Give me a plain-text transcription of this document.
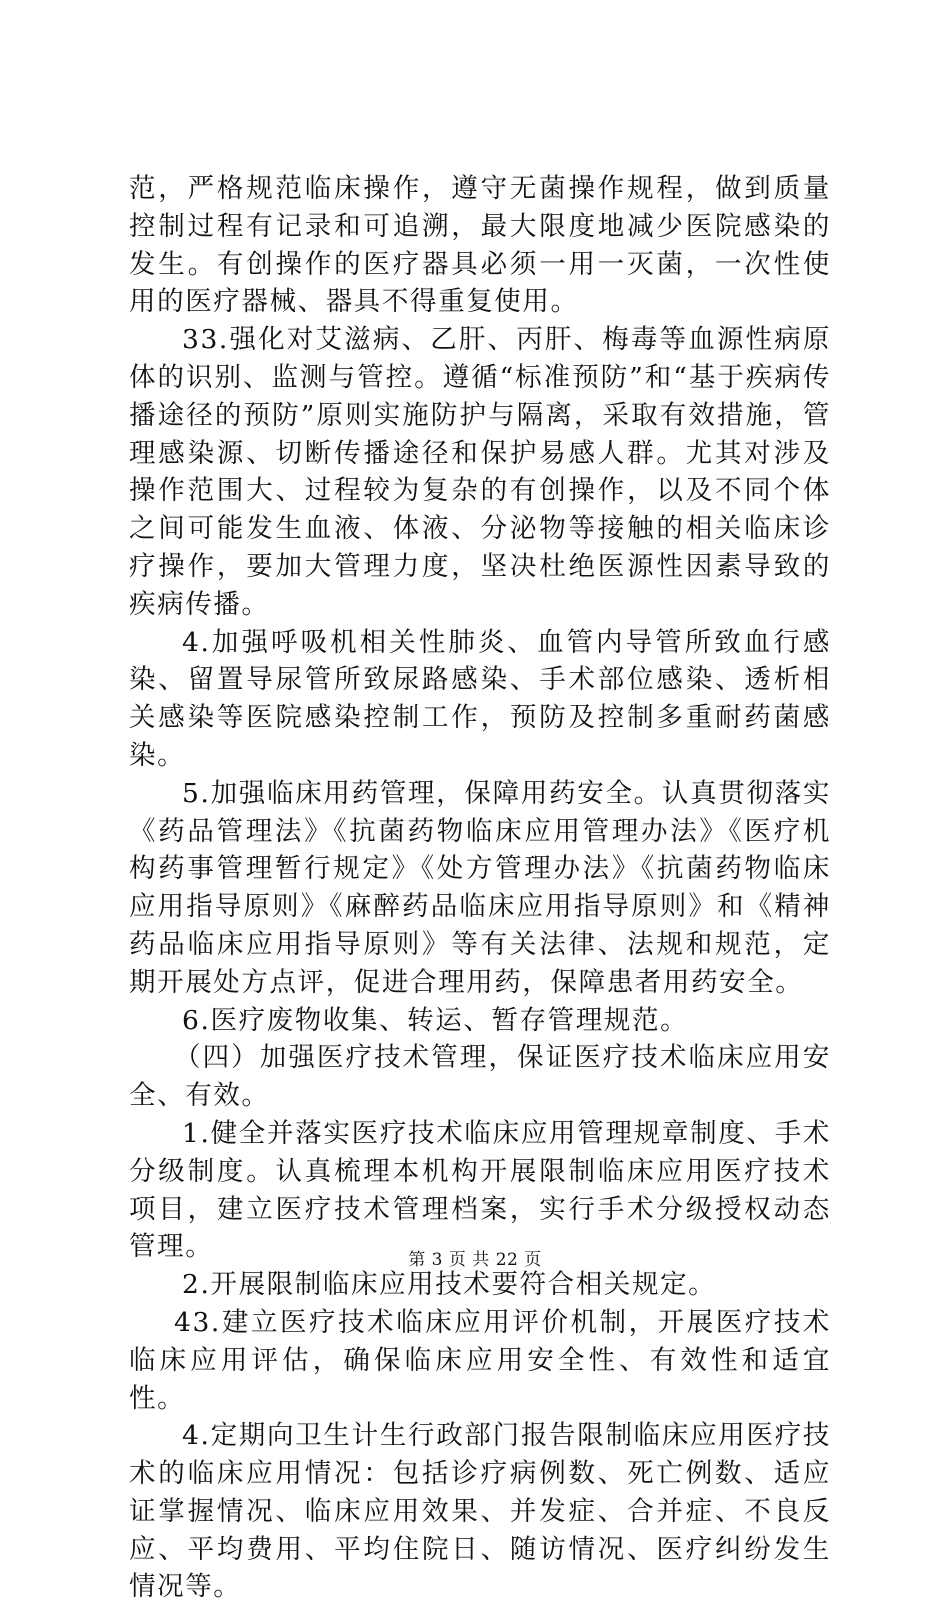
范，严格规范临床操作，遵守无菌操作规程，做到质量控制过程有记录和可追溯，最大限度地减少医院感染的发生。有创操作的医疗器具必须一用一灭菌，一次性使用的医疗器械、器具不得重复使用。

33.强化对艾滋病、乙肝、丙肝、梅毒等血源性病原体的识别、监测与管控。遵循“标准预防”和“基于疾病传播途径的预防”原则实施防护与隔离，采取有效措施，管理感染源、切断传播途径和保护易感人群。尤其对涉及操作范围大、过程较为复杂的有创操作，以及不同个体之间可能发生血液、体液、分泌物等接触的相关临床诊疗操作，要加大管理力度，坚决杜绝医源性因素导致的疾病传播。

4.加强呼吸机相关性肺炎、血管内导管所致血行感染、留置导尿管所致尿路感染、手术部位感染、透析相关感染等医院感染控制工作，预防及控制多重耐药菌感染。

5.加强临床用药管理，保障用药安全。认真贯彻落实《药品管理法》《抗菌药物临床应用管理办法》《医疗机构药事管理暂行规定》《处方管理办法》《抗菌药物临床应用指导原则》《麻醉药品临床应用指导原则》和《精神药品临床应用指导原则》等有关法律、法规和规范，定期开展处方点评，促进合理用药，保障患者用药安全。

6.医疗废物收集、转运、暂存管理规范。

（四）加强医疗技术管理，保证医疗技术临床应用安全、有效。

1.健全并落实医疗技术临床应用管理规章制度、手术分级制度。认真梳理本机构开展限制临床应用医疗技术项目，建立医疗技术管理档案，实行手术分级授权动态管理。

2.开展限制临床应用技术要符合相关规定。

43.建立医疗技术临床应用评价机制，开展医疗技术临床应用评估，确保临床应用安全性、有效性和适宜性。

4.定期向卫生计生行政部门报告限制临床应用医疗技术的临床应用情况：包括诊疗病例数、死亡例数、适应证掌握情况、临床应用效果、并发症、合并症、不良反应、平均费用、平均住院日、随访情况、医疗纠纷发生情况等。

第 3 页 共 22 页
